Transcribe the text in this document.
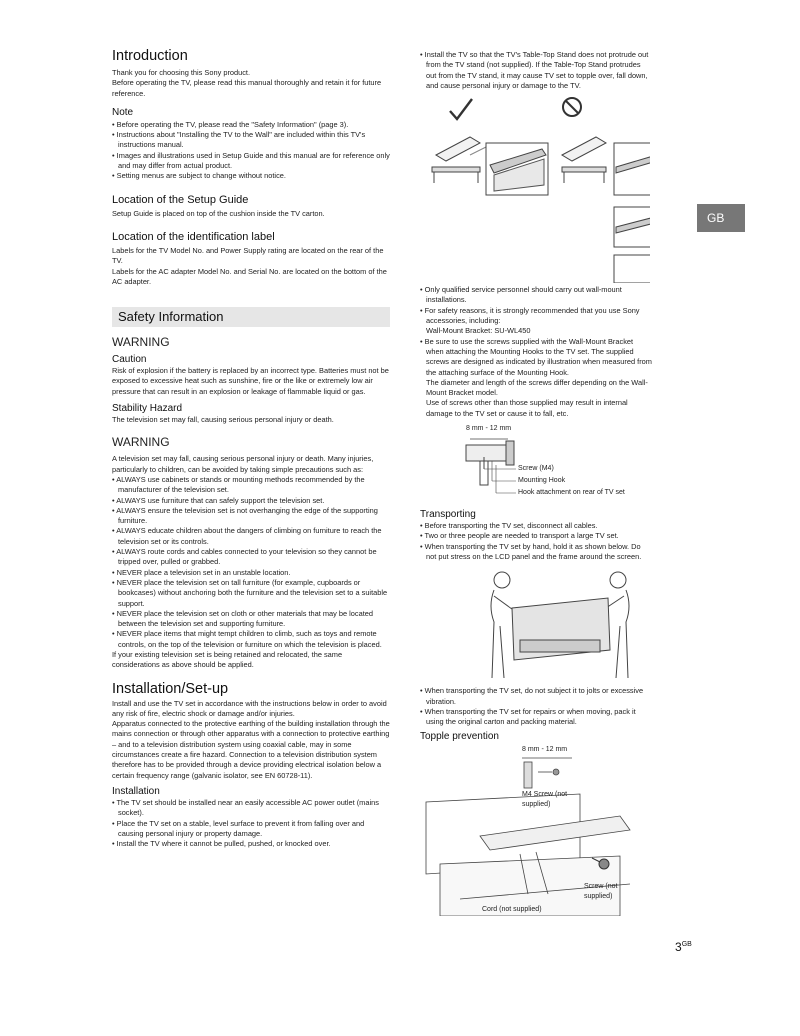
Introduction

Thank you for choosing this Sony product.

Before operating the TV, please read this manual thoroughly and retain it for future reference.

Note
• Before operating the TV, please read the "Safety Information" (page 3).
• Instructions about "Installing the TV to the Wall" are included within this TV's instructions manual.
• Images and illustrations used in Setup Guide and this manual are for reference only and may differ from actual product.
• Setting menus are subject to change without notice.
Location of the Setup Guide

Setup Guide is placed on top of the cushion inside the TV carton.

Location of the identification label

Labels for the TV Model No. and Power Supply rating are located on the rear of the TV.

Labels for the AC adapter Model No. and Serial No. are located on the bottom of the AC adapter.

Safety Information
WARNING
Caution

Risk of explosion if the battery is replaced by an incorrect type. Batteries must not be exposed to excessive heat such as sunshine, fire or the like or extremely low air pressure that can result in an explosion or leakage of flammable liquid or gas.

Stability Hazard

The television set may fall, causing serious personal injury or death.

WARNING

A television set may fall, causing serious personal injury or death. Many injuries, particularly to children, can be avoided by taking simple precautions such as:

• ALWAYS use cabinets or stands or mounting methods recommended by the manufacturer of the television set.
• ALWAYS use furniture that can safely support the television set.
• ALWAYS ensure the television set is not overhanging the edge of the supporting furniture.
• ALWAYS educate children about the dangers of climbing on furniture to reach the television set or its controls.
• ALWAYS route cords and cables connected to your television so they cannot be tripped over, pulled or grabbed.
• NEVER place a television set in an unstable location.
• NEVER place the television set on tall furniture (for example, cupboards or bookcases) without anchoring both the furniture and the television set to a suitable support.
• NEVER place the television set on cloth or other materials that may be located between the television set and supporting furniture.
• NEVER place items that might tempt children to climb, such as toys and remote controls, on the top of the television or furniture on which the television is placed.

If your existing television set is being retained and relocated, the same considerations as above should be applied.

Installation/Set-up

Install and use the TV set in accordance with the instructions below in order to avoid any risk of fire, electric shock or damage and/or injuries.

Apparatus connected to the protective earthing of the building installation through the mains connection or through other apparatus with a connection to protective earthing – and to a television distribution system using coaxial cable, may in some circumstances create a fire hazard. Connection to a television distribution system therefore has to be provided through a device providing electrical isolation below a certain frequency range (galvanic isolator, see EN 60728-11).

Installation
• The TV set should be installed near an easily accessible AC power outlet (mains socket).
• Place the TV set on a stable, level surface to prevent it from falling over and causing personal injury or property damage.
• Install the TV where it cannot be pulled, pushed, or knocked over.
• Install the TV so that the TV's Table-Top Stand does not protrude out from the TV stand (not supplied). If the Table-Top Stand protrudes out from the TV stand, it may cause TV set to topple over, fall down, and cause personal injury or damage to the TV.
• Only qualified service personnel should carry out wall-mount installations.
• For safety reasons, it is strongly recommended that you use Sony accessories, including:
Wall-Mount Bracket: SU-WL450
• Be sure to use the screws supplied with the Wall-Mount Bracket when attaching the Mounting Hooks to the TV set. The supplied screws are designed as indicated by illustration when measured from the attaching surface of the Mounting Hook.
The diameter and length of the screws differ depending on the Wall-Mount Bracket model.
Use of screws other than those supplied may result in internal damage to the TV set or cause it to fall, etc.
8 mm - 12 mm
Screw (M4)
Mounting Hook
Hook attachment on rear of TV set
Transporting
• Before transporting the TV set, disconnect all cables.
• Two or three people are needed to transport a large TV set.
• When transporting the TV set by hand, hold it as shown below. Do not put stress on the LCD panel and the frame around the screen.
• When transporting the TV set, do not subject it to jolts or excessive vibration.
• When transporting the TV set for repairs or when moving, pack it using the original carton and packing material.
Topple prevention
8 mm - 12 mm
M4 Screw (not supplied)
Screw (not supplied)
Cord (not supplied)
GB
$3^{GB}$
